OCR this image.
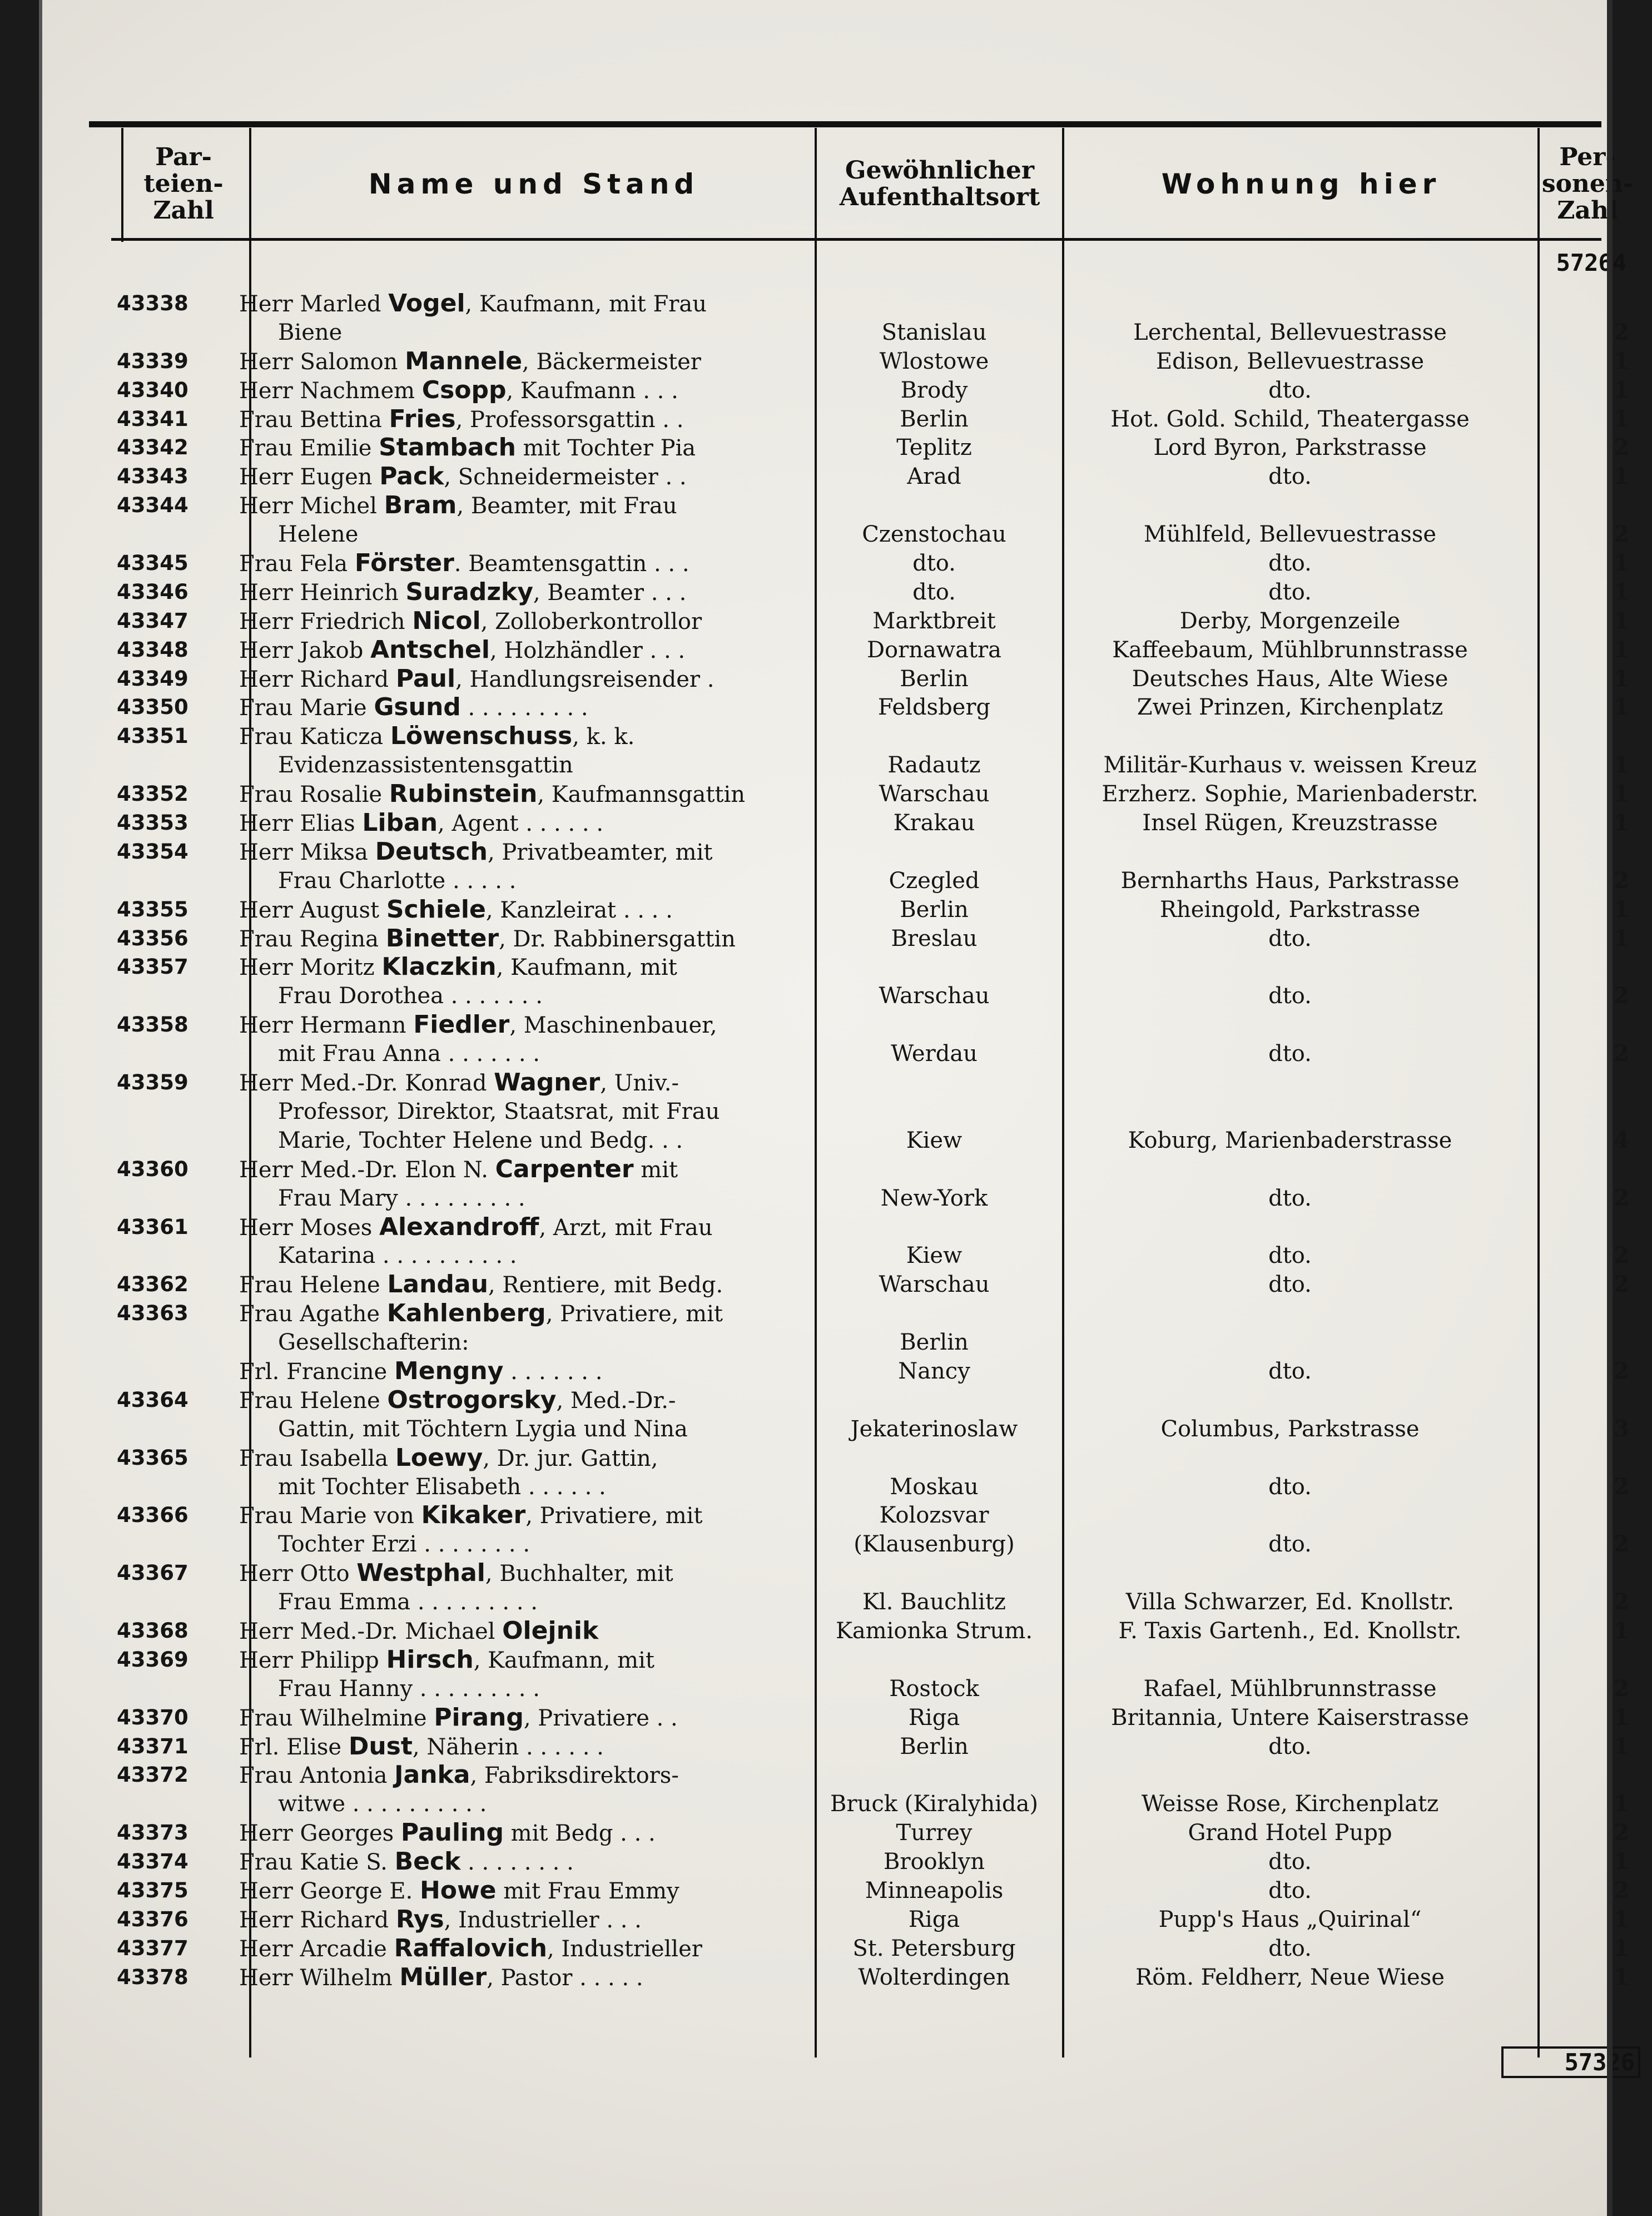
Par-
teien-
Zahl
Name und Stand	Gewöhnlicher
Aufenthaltsort	Wohnung hier
Per-
sonen-
Zahl
57264
43338	Herr Marled Vogel, Kaufmann, mit Frau
Biene	Stanislau	Lerchental, Bellevuestrasse	2
43339	Herr Salomon Mannele, Bäckermeister	Wlostowe	Edison, Bellevuestrasse	1
43340	Herr Nachmem Csopp, Kaufmann . . .	Brody	dto.	1
43341	Frau Bettina Fries, Professorsgattin . .	Berlin	Hot. Gold. Schild, Theatergasse	1
43342	Frau Emilie Stambach mit Tochter Pia	Teplitz	Lord Byron, Parkstrasse	2
43343	Herr Eugen Pack, Schneidermeister . .	Arad	dto.	1
43344	Herr Michel Bram, Beamter, mit Frau
Helene	Czenstochau	Mühlfeld, Bellevuestrasse	2
43345	Frau Fela Förster. Beamtensgattin . . .	dto.	dto.	1
43346	Herr Heinrich Suradzky, Beamter . . .	dto.	dto.	1
43347	Herr Friedrich Nicol, Zolloberkontrollor	Marktbreit	Derby, Morgenzeile	1
43348	Herr Jakob Antschel, Holzhändler . . .	Dornawatra	Kaffeebaum, Mühlbrunnstrasse	1
43349	Herr Richard Paul, Handlungsreisender .	Berlin	Deutsches Haus, Alte Wiese	1
43350	Frau Marie Gsund . . . . . . . . .	Feldsberg	Zwei Prinzen, Kirchenplatz	1
43351	Frau Katicza Löwenschuss, k. k.
Evidenzassistentensgattin	Radautz	Militär-Kurhaus v. weissen Kreuz	1
43352	Frau Rosalie Rubinstein, Kaufmannsgattin	Warschau	Erzherz. Sophie, Marienbaderstr.	1
43353	Herr Elias Liban, Agent . . . . . .	Krakau	Insel Rügen, Kreuzstrasse	1
43354	Herr Miksa Deutsch, Privatbeamter, mit
Frau Charlotte . . . . .	Czegled	Bernharths Haus, Parkstrasse	2
43355	Herr August Schiele, Kanzleirat . . . .	Berlin	Rheingold, Parkstrasse	1
43356	Frau Regina Binetter, Dr. Rabbinersgattin	Breslau	dto.	1
43357	Herr Moritz Klaczkin, Kaufmann, mit
Frau Dorothea . . . . . . .	Warschau	dto.	2
43358	Herr Hermann Fiedler, Maschinenbauer,
mit Frau Anna . . . . . . .	Werdau	dto.	2
43359	Herr Med.-Dr. Konrad Wagner, Univ.-
Professor, Direktor, Staatsrat, mit Frau
Marie, Tochter Helene und Bedg. . .	Kiew	Koburg, Marienbaderstrasse	4
43360	Herr Med.-Dr. Elon N. Carpenter mit
Frau Mary . . . . . . . . .	New-York	dto.	2
43361	Herr Moses Alexandroff, Arzt, mit Frau
Katarina . . . . . . . . . .	Kiew	dto.	2
43362	Frau Helene Landau, Rentiere, mit Bedg.	Warschau	dto.	2
43363	Frau Agathe Kahlenberg, Privatiere, mit
Gesellschafterin:	Berlin
Frl. Francine Mengny . . . . . . .	Nancy	dto.	2
43364	Frau Helene Ostrogorsky, Med.-Dr.-
Gattin, mit Töchtern Lygia und Nina	Jekaterinoslaw	Columbus, Parkstrasse	3
43365	Frau Isabella Loewy, Dr. jur. Gattin,
mit Tochter Elisabeth . . . . . .	Moskau	dto.	2
43366	Frau Marie von Kikaker, Privatiere, mit	Kolozsvar
Tochter Erzi . . . . . . . .	(Klausenburg)	dto.	2
43367	Herr Otto Westphal, Buchhalter, mit
Frau Emma . . . . . . . . .	Kl. Bauchlitz	Villa Schwarzer, Ed. Knollstr.	2
43368	Herr Med.-Dr. Michael Olejnik	Kamionka Strum.	F. Taxis Gartenh., Ed. Knollstr.	1
43369	Herr Philipp Hirsch, Kaufmann, mit
Frau Hanny . . . . . . . . .	Rostock	Rafael, Mühlbrunnstrasse	2
43370	Frau Wilhelmine Pirang, Privatiere . .	Riga	Britannia, Untere Kaiserstrasse	1
43371	Frl. Elise Dust, Näherin . . . . . .	Berlin	dto.	1
43372	Frau Antonia Janka, Fabriksdirektors-
witwe . . . . . . . . . .	Bruck (Kiralyhida)	Weisse Rose, Kirchenplatz	1
43373	Herr Georges Pauling mit Bedg . . .	Turrey	Grand Hotel Pupp	2
43374	Frau Katie S. Beck . . . . . . . .	Brooklyn	dto.	1
43375	Herr George E. Howe mit Frau Emmy	Minneapolis	dto.	2
43376	Herr Richard Rys, Industrieller . . .	Riga	Pupp's Haus „Quirinal“	1
43377	Herr Arcadie Raffalovich, Industrieller	St. Petersburg	dto.	1
43378	Herr Wilhelm Müller, Pastor . . . . .	Wolterdingen	Röm. Feldherr, Neue Wiese	1
57326
